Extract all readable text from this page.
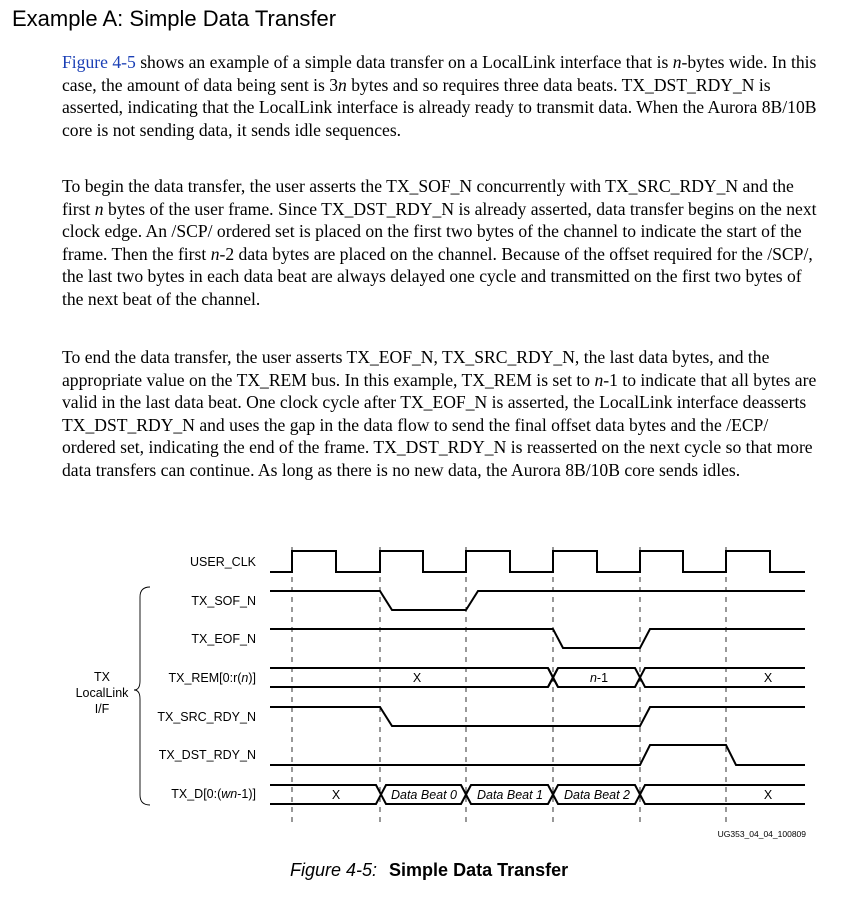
Example A: Simple Data Transfer

Figure 4-5 shows an example of a simple data transfer on a LocalLink interface that is n-bytes wide. In this case, the amount of data being sent is 3n bytes and so requires three data beats. TX_DST_RDY_N is asserted, indicating that the LocalLink interface is already ready to transmit data. When the Aurora 8B/10B core is not sending data, it sends idle sequences.

To begin the data transfer, the user asserts the TX_SOF_N concurrently with TX_SRC_RDY_N and the first n bytes of the user frame. Since TX_DST_RDY_N is already asserted, data transfer begins on the next clock edge. An /SCP/ ordered set is placed on the first two bytes of the channel to indicate the start of the frame. Then the first n-2 data bytes are placed on the channel. Because of the offset required for the /SCP/, the last two bytes in each data beat are always delayed one cycle and transmitted on the first two bytes of the next beat of the channel.

To end the data transfer, the user asserts TX_EOF_N, TX_SRC_RDY_N, the last data bytes, and the appropriate value on the TX_REM bus. In this example, TX_REM is set to n-1 to indicate that all bytes are valid in the last data beat. One clock cycle after TX_EOF_N is asserted, the LocalLink interface deasserts TX_DST_RDY_N and uses the gap in the data flow to send the final offset data bytes and the /ECP/ ordered set, indicating the end of the frame. TX_DST_RDY_N is reasserted on the next cycle so that more data transfers can continue. As long as there is no new data, the Aurora 8B/10B core sends idles.

TX
LocalLink
I/F
USER_CLK
TX_SOF_N
TX_EOF_N
TX_REM[0:r(n)]
TX_SRC_RDY_N
TX_DST_RDY_N
TX_D[0:(wn-1)]
X	n-1	X
X	Data Beat 0 Data Beat 1 Data Beat 2	X
UG353_04_04_100809

Figure 4-5: Simple Data Transfer
